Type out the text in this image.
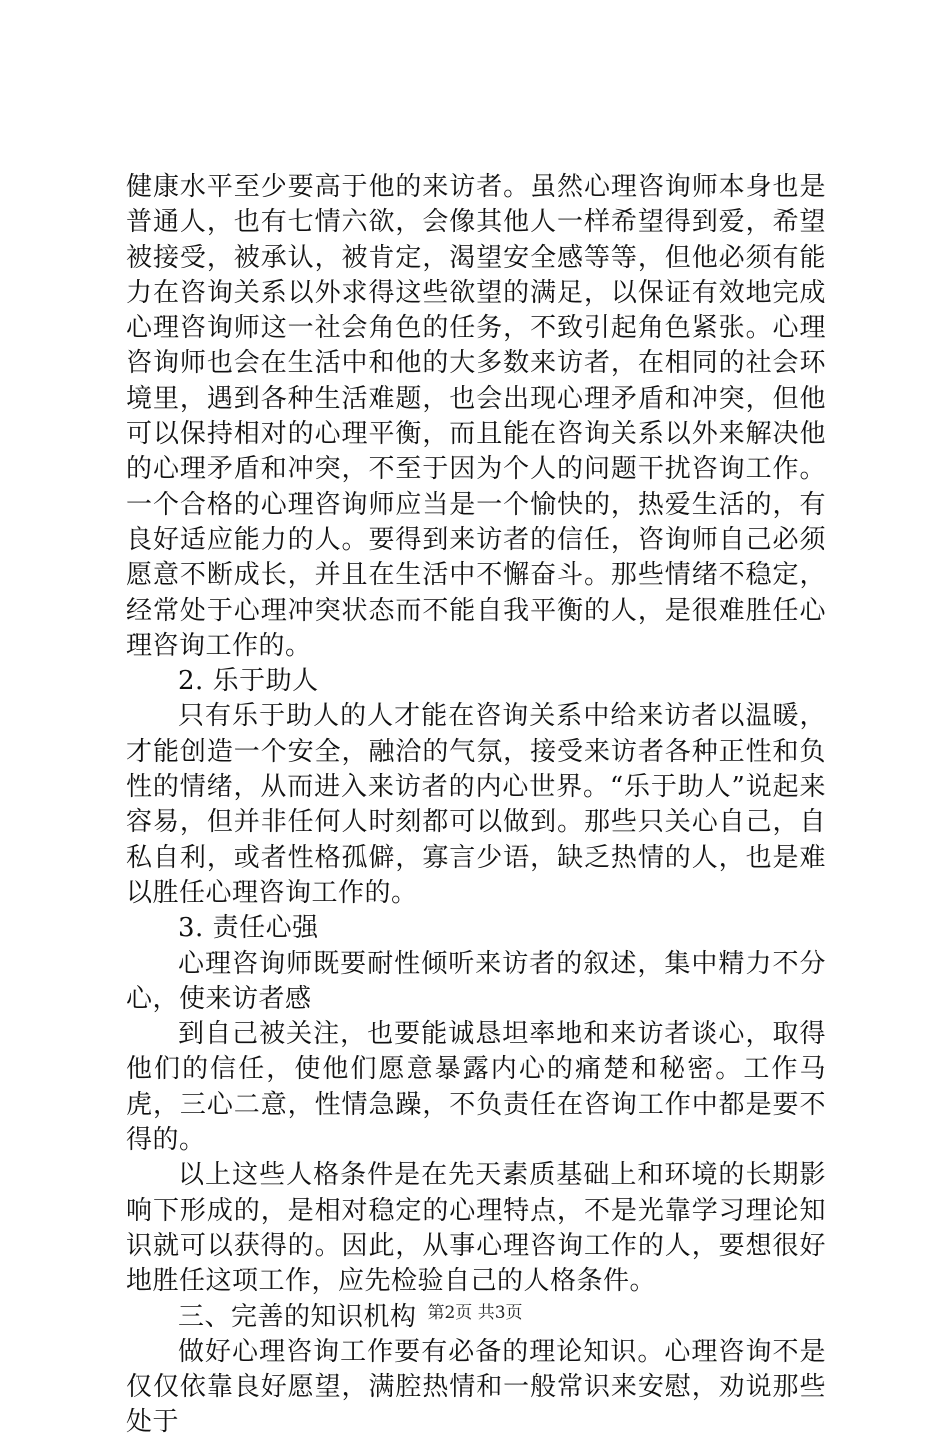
健康水平至少要高于他的来访者。虽然心理咨询师本身也是普通人，也有七情六欲，会像其他人一样希望得到爱，希望被接受，被承认，被肯定，渴望安全感等等，但他必须有能力在咨询关系以外求得这些欲望的满足，以保证有效地完成心理咨询师这一社会角色的任务，不致引起角色紧张。心理咨询师也会在生活中和他的大多数来访者，在相同的社会环境里，遇到各种生活难题，也会出现心理矛盾和冲突，但他可以保持相对的心理平衡，而且能在咨询关系以外来解决他的心理矛盾和冲突，不至于因为个人的问题干扰咨询工作。一个合格的心理咨询师应当是一个愉快的，热爱生活的，有良好适应能力的人。要得到来访者的信任，咨询师自己必须愿意不断成长，并且在生活中不懈奋斗。那些情绪不稳定，经常处于心理冲突状态而不能自我平衡的人，是很难胜任心理咨询工作的。

2. 乐于助人

只有乐于助人的人才能在咨询关系中给来访者以温暖，才能创造一个安全，融洽的气氛，接受来访者各种正性和负性的情绪，从而进入来访者的内心世界。“乐于助人”说起来容易，但并非任何人时刻都可以做到。那些只关心自己，自私自利，或者性格孤僻，寡言少语，缺乏热情的人，也是难以胜任心理咨询工作的。

3. 责任心强

心理咨询师既要耐性倾听来访者的叙述，集中精力不分心，使来访者感

到自己被关注，也要能诚恳坦率地和来访者谈心，取得他们的信任，使他们愿意暴露内心的痛楚和秘密。工作马虎，三心二意，性情急躁，不负责任在咨询工作中都是要不得的。

以上这些人格条件是在先天素质基础上和环境的长期影响下形成的，是相对稳定的心理特点，不是光靠学习理论知识就可以获得的。因此，从事心理咨询工作的人，要想很好地胜任这项工作，应先检验自己的人格条件。

三、完善的知识机构

做好心理咨询工作要有必备的理论知识。心理咨询不是仅仅依靠良好愿望，满腔热情和一般常识来安慰，劝说那些处于

第2页 共3页
